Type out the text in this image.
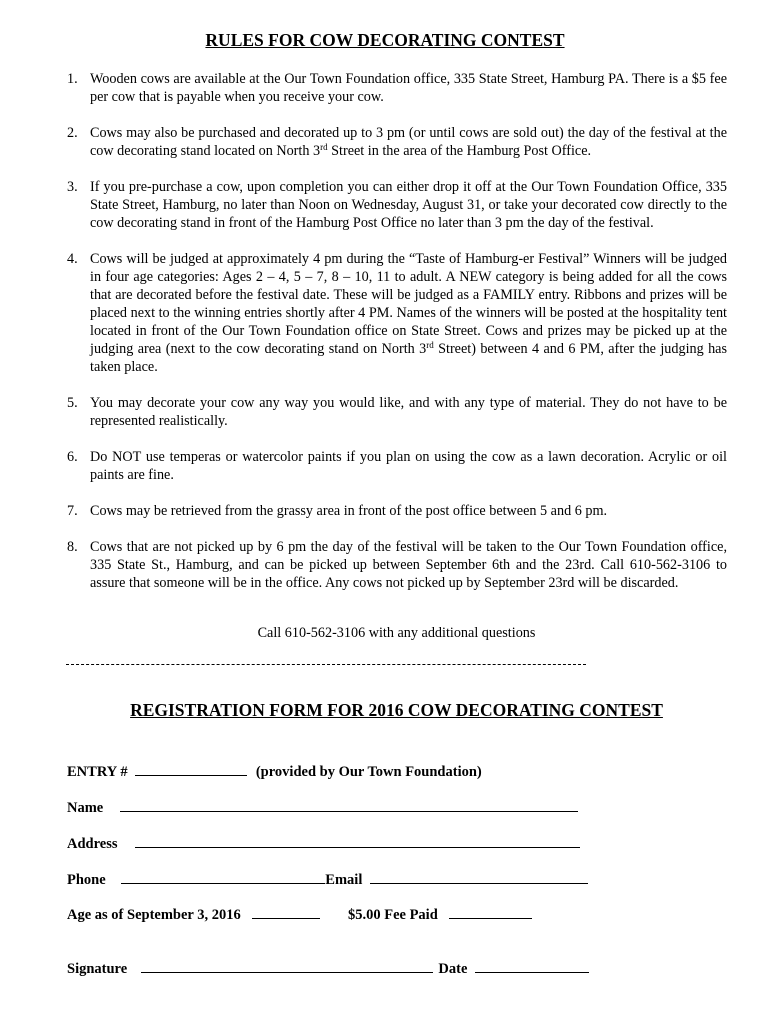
RULES FOR COW DECORATING CONTEST
1. Wooden cows are available at the Our Town Foundation office, 335 State Street, Hamburg PA. There is a $5 fee per cow that is payable when you receive your cow.
2. Cows may also be purchased and decorated up to 3 pm (or until cows are sold out) the day of the festival at the cow decorating stand located on North 3rd Street in the area of the Hamburg Post Office.
3. If you pre-purchase a cow, upon completion you can either drop it off at the Our Town Foundation Office, 335 State Street, Hamburg, no later than Noon on Wednesday, August 31, or take your decorated cow directly to the cow decorating stand in front of the Hamburg Post Office no later than 3 pm the day of the festival.
4. Cows will be judged at approximately 4 pm during the “Taste of Hamburg-er Festival” Winners will be judged in four age categories: Ages 2 – 4, 5 – 7, 8 – 10, 11 to adult. A NEW category is being added for all the cows that are decorated before the festival date. These will be judged as a FAMILY entry. Ribbons and prizes will be placed next to the winning entries shortly after 4 PM. Names of the winners will be posted at the hospitality tent located in front of the Our Town Foundation office on State Street. Cows and prizes may be picked up at the judging area (next to the cow decorating stand on North 3rd Street) between 4 and 6 PM, after the judging has taken place.
5. You may decorate your cow any way you would like, and with any type of material. They do not have to be represented realistically.
6. Do NOT use temperas or watercolor paints if you plan on using the cow as a lawn decoration. Acrylic or oil paints are fine.
7. Cows may be retrieved from the grassy area in front of the post office between 5 and 6 pm.
8. Cows that are not picked up by 6 pm the day of the festival will be taken to the Our Town Foundation office, 335 State St., Hamburg, and can be picked up between September 6th and the 23rd. Call 610-562-3106 to assure that someone will be in the office. Any cows not picked up by September 23rd will be discarded.
Call 610-562-3106 with any additional questions
REGISTRATION FORM FOR 2016 COW DECORATING CONTEST
ENTRY #	(provided by Our Town Foundation)
Name
Address
Phone	Email
Age as of September 3, 2016	$5.00 Fee Paid
Signature	Date
